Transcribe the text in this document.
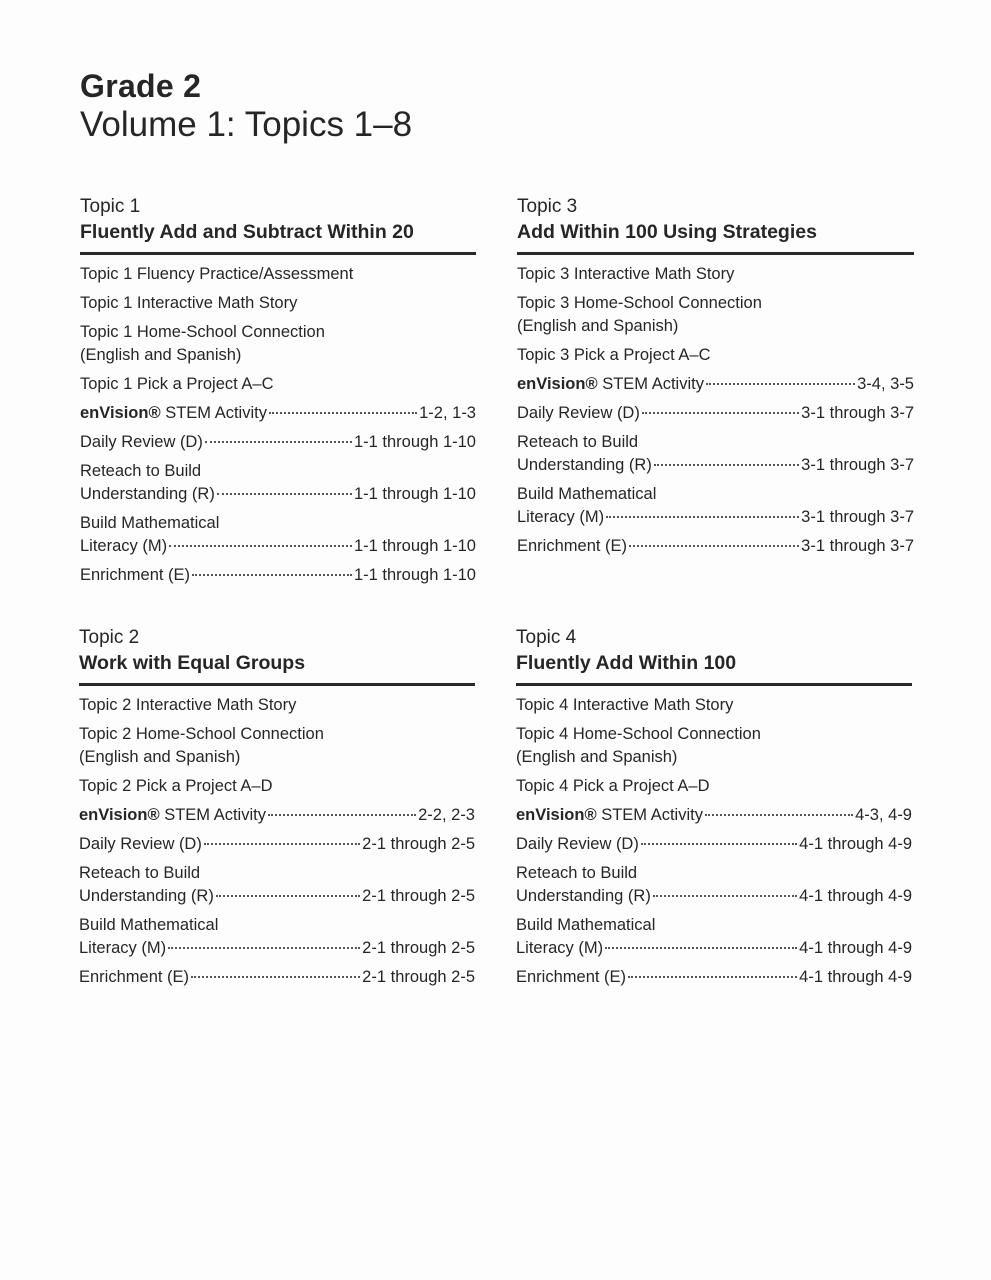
Grade 2
Volume 1: Topics 1–8
Topic 1
Fluently Add and Subtract Within 20
Topic 1 Fluency Practice/Assessment
Topic 1 Interactive Math Story
Topic 1 Home-School Connection
(English and Spanish)
Topic 1 Pick a Project A–C
enVision® STEM Activity	1-2, 1-3
Daily Review (D)	1-1 through 1-10
Reteach to Build
Understanding (R)	1-1 through 1-10
Build Mathematical
Literacy (M)	1-1 through 1-10
Enrichment (E)	1-1 through 1-10
Topic 3
Add Within 100 Using Strategies
Topic 3 Interactive Math Story
Topic 3 Home-School Connection
(English and Spanish)
Topic 3 Pick a Project A–C
enVision® STEM Activity	3-4, 3-5
Daily Review (D)	3-1 through 3-7
Reteach to Build
Understanding (R)	3-1 through 3-7
Build Mathematical
Literacy (M)	3-1 through 3-7
Enrichment (E)	3-1 through 3-7
Topic 2
Work with Equal Groups
Topic 2 Interactive Math Story
Topic 2 Home-School Connection
(English and Spanish)
Topic 2 Pick a Project A–D
enVision® STEM Activity	2-2, 2-3
Daily Review (D)	2-1 through 2-5
Reteach to Build
Understanding (R)	2-1 through 2-5
Build Mathematical
Literacy (M)	2-1 through 2-5
Enrichment (E)	2-1 through 2-5
Topic 4
Fluently Add Within 100
Topic 4 Interactive Math Story
Topic 4 Home-School Connection
(English and Spanish)
Topic 4 Pick a Project A–D
enVision® STEM Activity	4-3, 4-9
Daily Review (D)	4-1 through 4-9
Reteach to Build
Understanding (R)	4-1 through 4-9
Build Mathematical
Literacy (M)	4-1 through 4-9
Enrichment (E)	4-1 through 4-9
